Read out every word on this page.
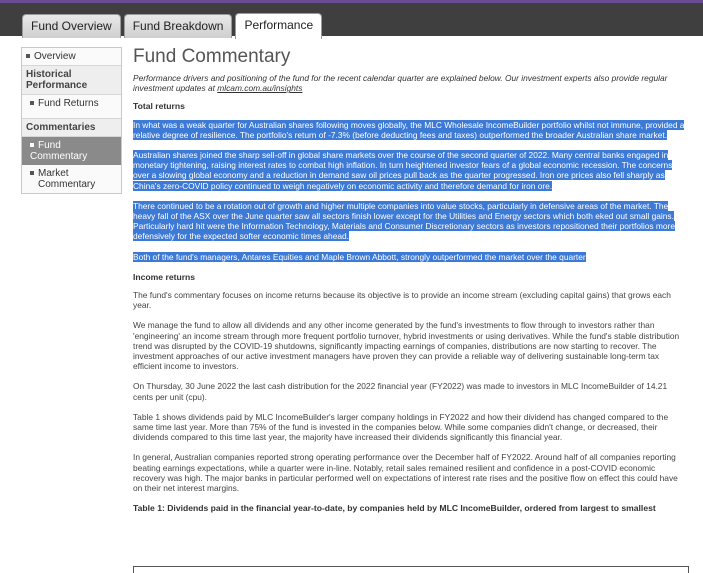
Fund Overview	Fund Breakdown	Performance
Overview
Historical Performance
Fund Returns
Commentaries
Fund Commentary
Market Commentary
Fund Commentary
Performance drivers and positioning of the fund for the recent calendar quarter are explained below. Our investment experts also provide regular investment updates at mlcam.com.au/insights
Total returns

In what was a weak quarter for Australian shares following moves globally, the MLC Wholesale IncomeBuilder portfolio whilst not immune, provided a relative degree of resilience. The portfolio's return of -7.3% (before deducting fees and taxes) outperformed the broader Australian share market.

Australian shares joined the sharp sell-off in global share markets over the course of the second quarter of 2022. Many central banks engaged in monetary tightening, raising interest rates to combat high inflation. In turn heightened investor fears of a global economic recession. The concerns over a slowing global economy and a reduction in demand saw oil prices pull back as the quarter progressed. Iron ore prices also fell sharply as China's zero-COVID policy continued to weigh negatively on economic activity and therefore demand for iron ore.

There continued to be a rotation out of growth and higher multiple companies into value stocks, particularly in defensive areas of the market. The heavy fall of the ASX over the June quarter saw all sectors finish lower except for the Utilities and Energy sectors which both eked out small gains. Particularly hard hit were the Information Technology, Materials and Consumer Discretionary sectors as investors repositioned their portfolios more defensively for the expected softer economic times ahead.

Both of the fund's managers, Antares Equities and Maple Brown Abbott, strongly outperformed the market over the quarter

Income returns

The fund's commentary focuses on income returns because its objective is to provide an income stream (excluding capital gains) that grows each year.

We manage the fund to allow all dividends and any other income generated by the fund's investments to flow through to investors rather than 'engineering' an income stream through more frequent portfolio turnover, hybrid investments or using derivatives. While the fund's stable distribution trend was disrupted by the COVID-19 shutdowns, significantly impacting earnings of companies, distributions are now starting to recover. The investment approaches of our active investment managers have proven they can provide a reliable way of delivering sustainable long-term tax efficient income to investors.

On Thursday, 30 June 2022 the last cash distribution for the 2022 financial year (FY2022) was made to investors in MLC IncomeBuilder of 14.21 cents per unit (cpu).

Table 1 shows dividends paid by MLC IncomeBuilder's larger company holdings in FY2022 and how their dividend has changed compared to the same time last year. More than 75% of the fund is invested in the companies below. While some companies didn't change, or decreased, their dividends compared to this time last year, the majority have increased their dividends significantly this financial year.

In general, Australian companies reported strong operating performance over the December half of FY2022. Around half of all companies reporting beating earnings expectations, while a quarter were in-line. Notably, retail sales remained resilient and confidence in a post-COVID economic recovery was high. The major banks in particular performed well on expectations of interest rate rises and the positive flow on effect this could have on their net interest margins.

Table 1: Dividends paid in the financial year-to-date, by companies held by MLC IncomeBuilder, ordered from largest to smallest
